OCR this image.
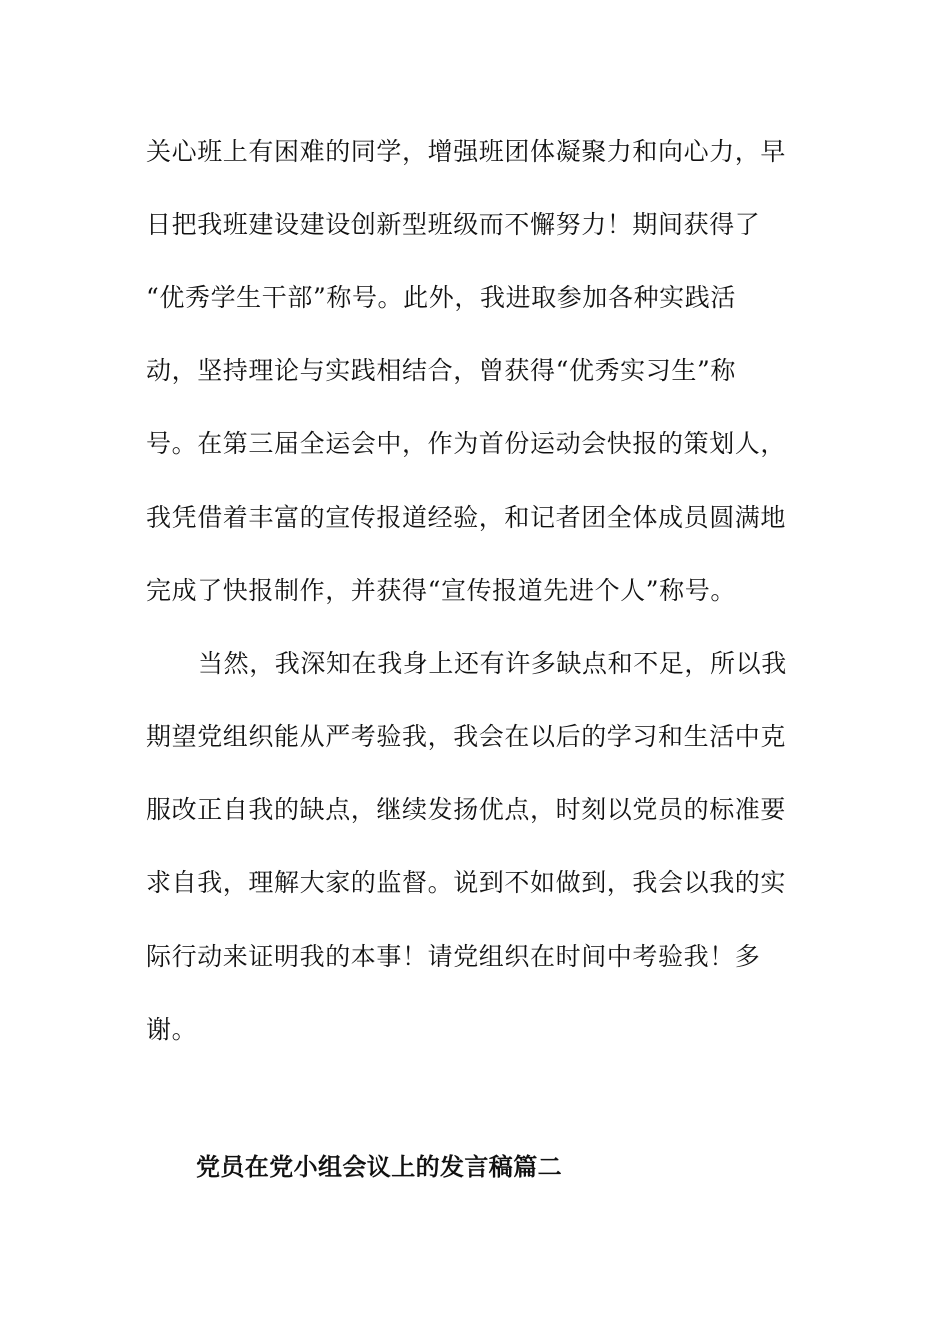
关心班上有困难的同学，增强班团体凝聚力和向心力，早
日把我班建设建设创新型班级而不懈努力！期间获得了
“优秀学生干部”称号。此外，我进取参加各种实践活
动，坚持理论与实践相结合，曾获得“优秀实习生”称
号。在第三届全运会中，作为首份运动会快报的策划人，
我凭借着丰富的宣传报道经验，和记者团全体成员圆满地
完成了快报制作，并获得“宣传报道先进个人”称号。
当然，我深知在我身上还有许多缺点和不足，所以我
期望党组织能从严考验我，我会在以后的学习和生活中克
服改正自我的缺点，继续发扬优点，时刻以党员的标准要
求自我，理解大家的监督。说到不如做到，我会以我的实
际行动来证明我的本事！请党组织在时间中考验我！多
谢。
党员在党小组会议上的发言稿篇二
